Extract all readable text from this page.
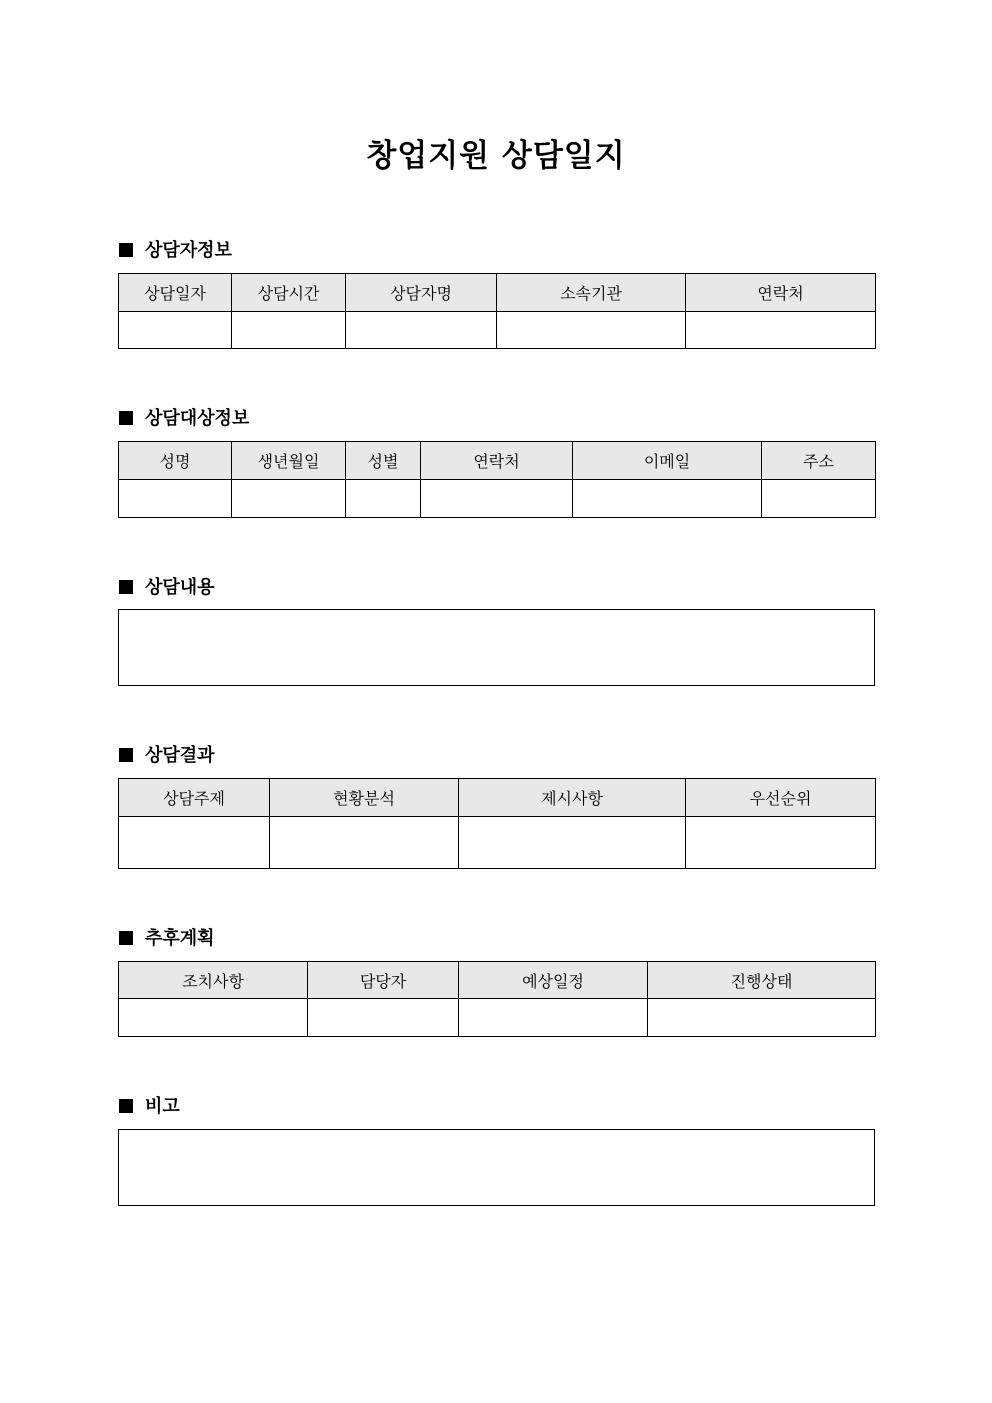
창업지원 상담일지
상담자정보
상담일자	상담시간	상담자명	소속기관	연락처

상담대상정보
성명	생년월일	성별	연락처	이메일	주소

상담내용
상담결과
상담주제	현황분석	제시사항	우선순위

추후계획
조치사항	담당자	예상일정	진행상태

비고
